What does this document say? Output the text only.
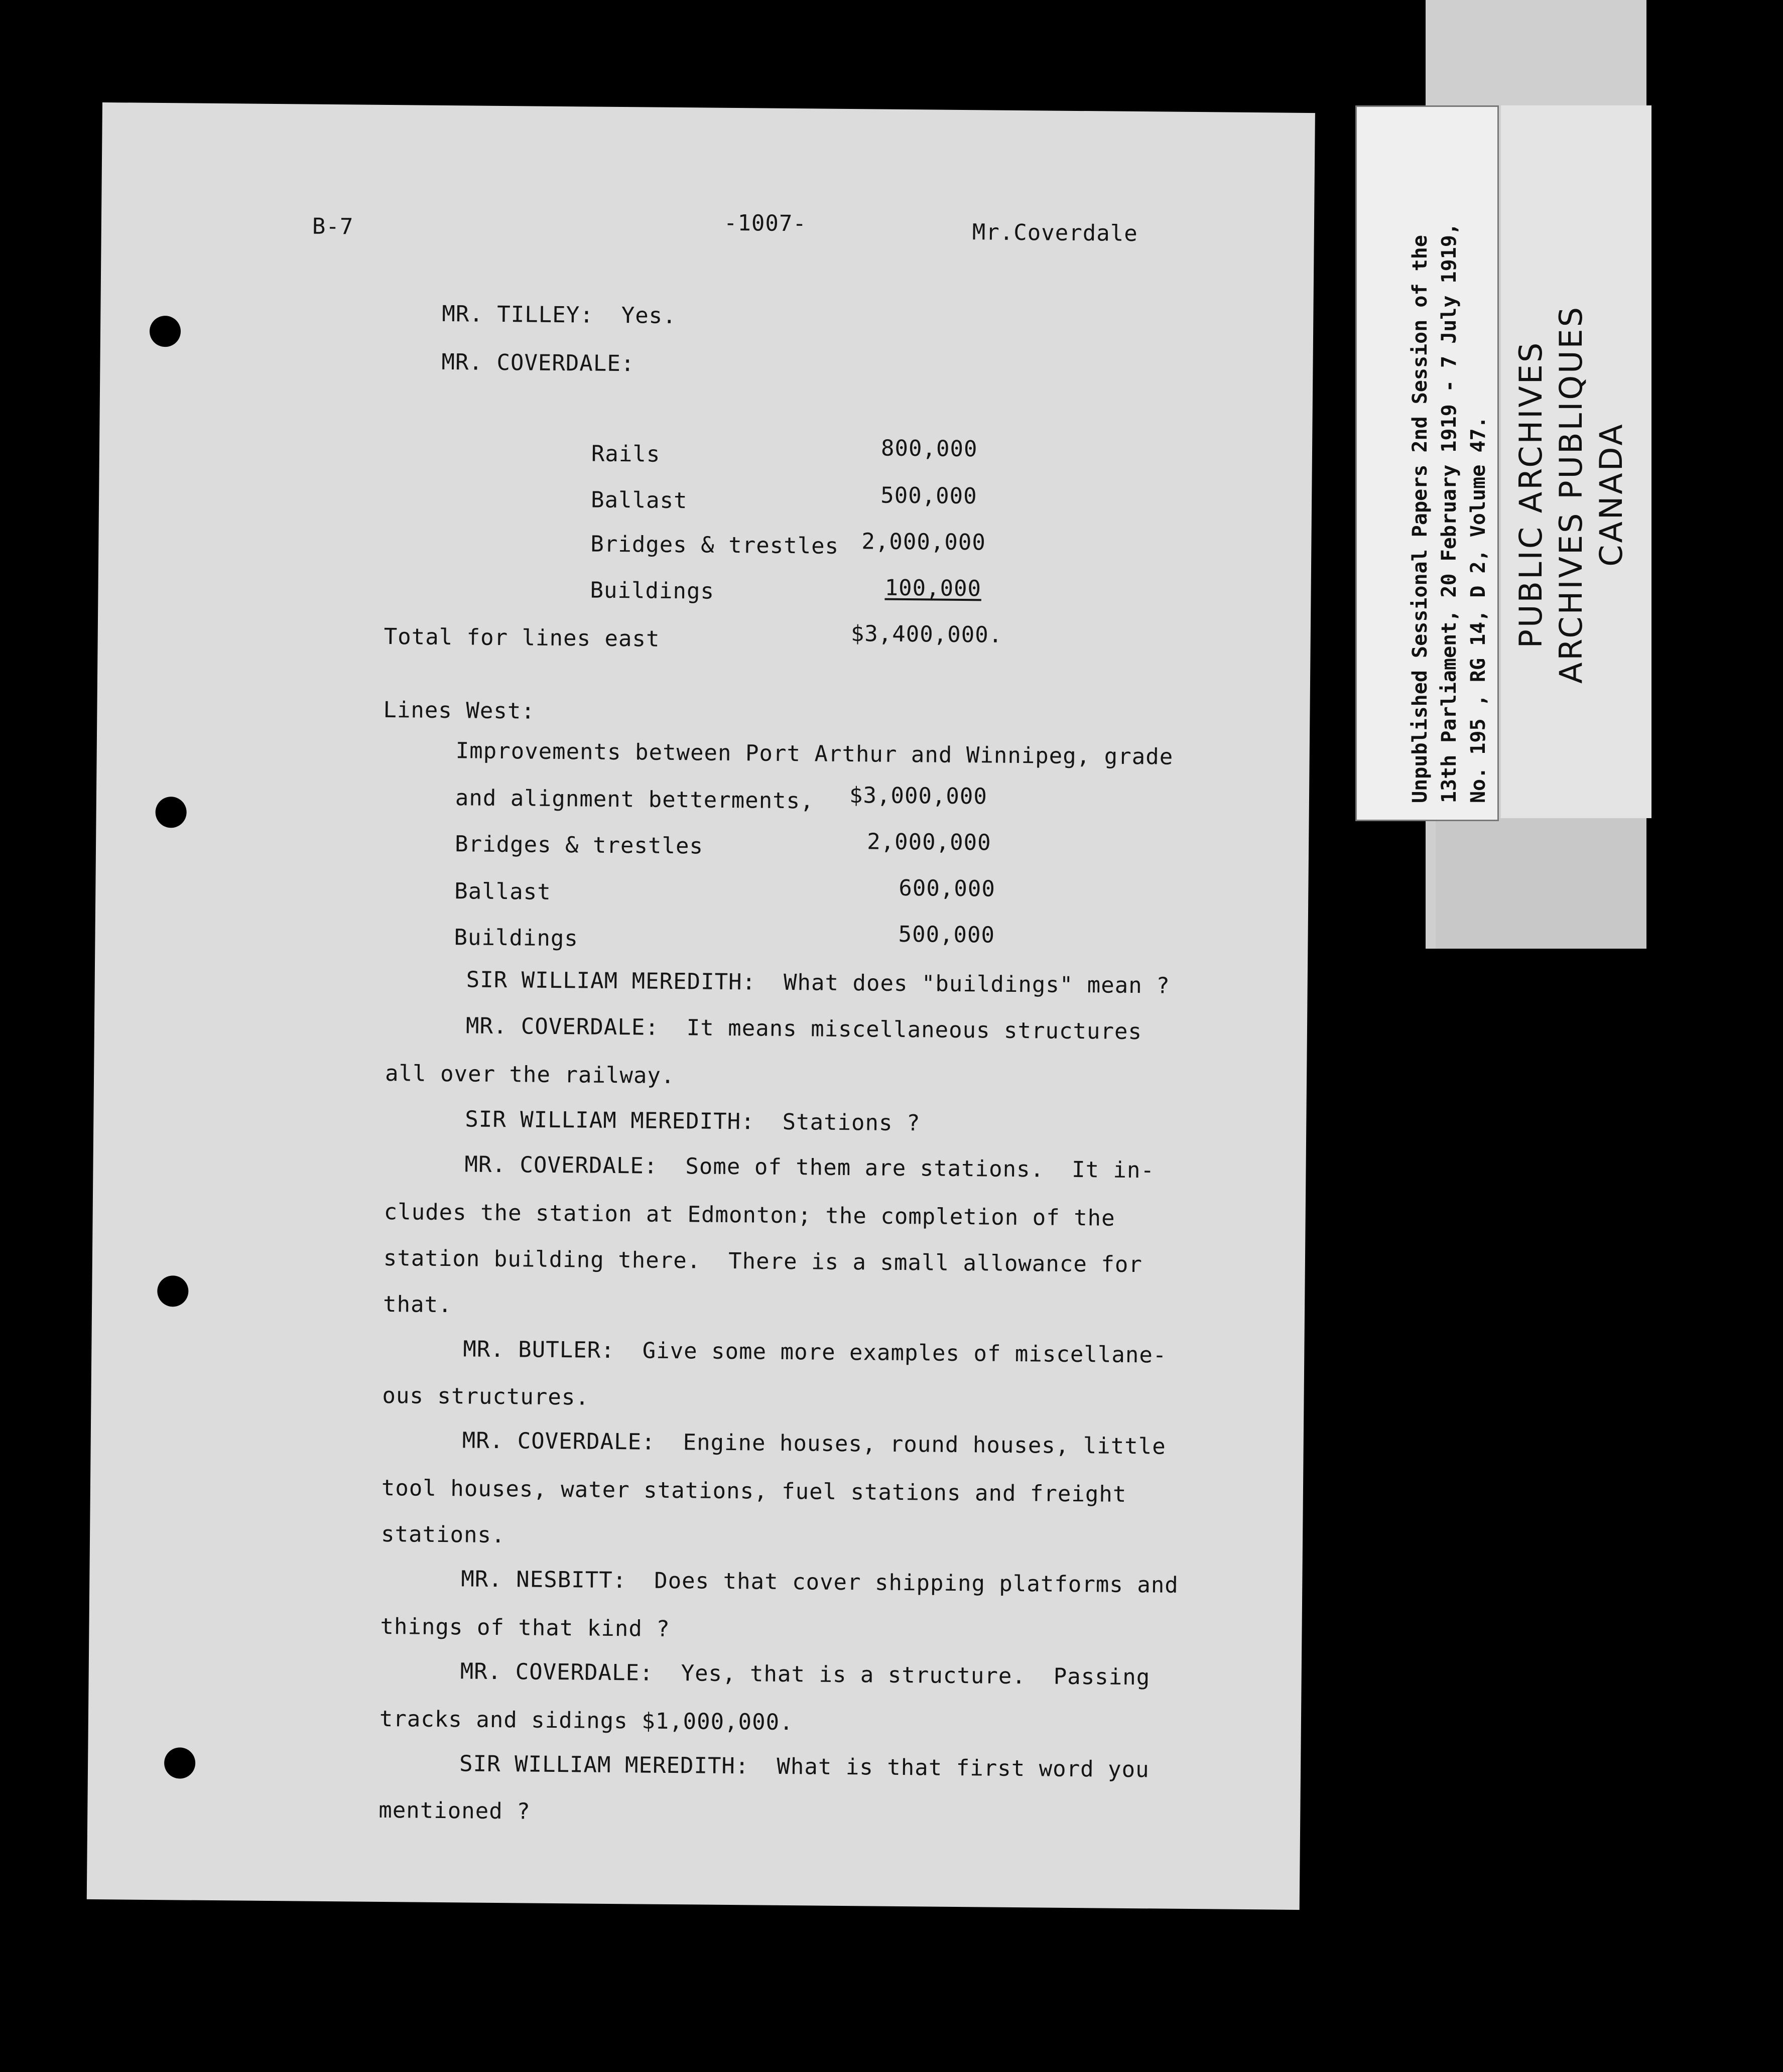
B-7	-1007-	Mr.Coverdale
MR. TILLEY:  Yes.
MR. COVERDALE:
Rails	800,000
Ballast	500,000
Bridges & trestles 2,000,000
Buildings	100,000
Total for lines east	$3,400,000.
Lines West:
Improvements between Port Arthur and Winnipeg, grade
and alignment betterments, $3,000,000
Bridges & trestles	2,000,000
Ballast	600,000
Buildings	500,000
SIR WILLIAM MEREDITH:  What does "buildings" mean ?
MR. COVERDALE:  It means miscellaneous structures
all over the railway.
SIR WILLIAM MEREDITH:  Stations ?
MR. COVERDALE:  Some of them are stations.  It in-
cludes the station at Edmonton; the completion of the
station building there.  There is a small allowance for
that.
MR. BUTLER:  Give some more examples of miscellane-
ous structures.
MR. COVERDALE:  Engine houses, round houses, little
tool houses, water stations, fuel stations and freight
stations.
MR. NESBITT:  Does that cover shipping platforms and
things of that kind ?
MR. COVERDALE:  Yes, that is a structure.  Passing
tracks and sidings $1,000,000.
SIR WILLIAM MEREDITH:  What is that first word you
mentioned ?
Unpublished Sessional Papers 2nd Session of the 13th Parliament, 20 February 1919 - 7 July 1919, No. 195 , RG 14, D 2, Volume 47. PUBLIC ARCHIVES ARCHIVES PUBLIQUES CANADA
